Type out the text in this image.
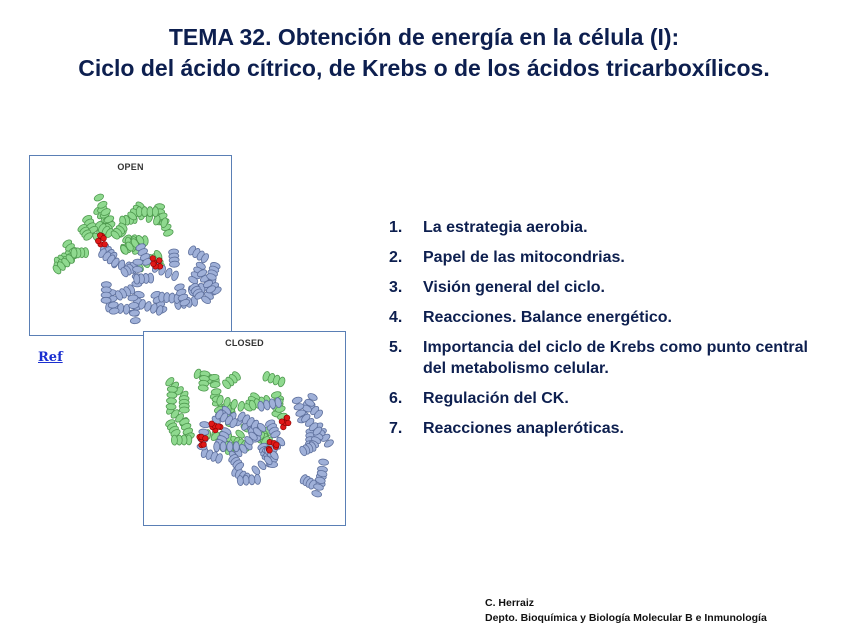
TEMA 32. Obtención de energía en la célula (I):
Ciclo del ácido cítrico, de Krebs o de los ácidos tricarboxílicos.
OPEN
CLOSED
Ref
1. La estrategia aerobia.
2. Papel de las mitocondrias.
3. Visión general del ciclo.
4. Reacciones. Balance energético.
5. Importancia del ciclo de Krebs como punto central del metabolismo celular.
6. Regulación del CK.
7. Reacciones anapleróticas.
C. Herraiz
Depto. Bioquímica y Biología Molecular B e Inmunología
